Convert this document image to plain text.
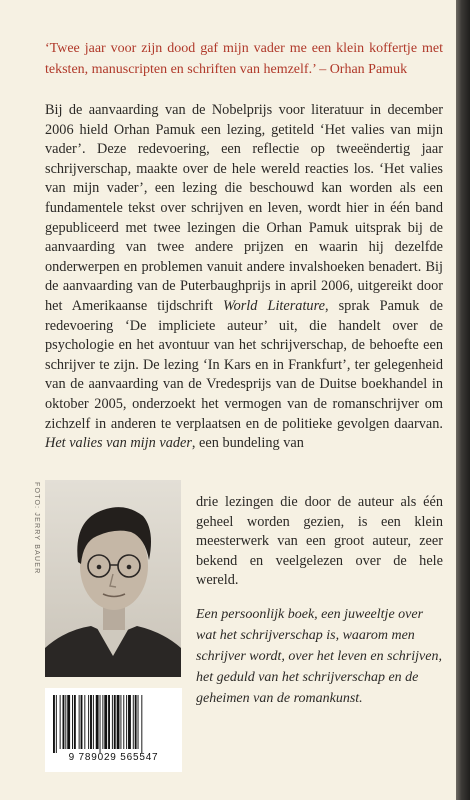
‘Twee jaar voor zijn dood gaf mijn vader me een klein koffertje met teksten, manuscripten en schriften van hemzelf.’ – Orhan Pamuk

Bij de aanvaarding van de Nobelprijs voor literatuur in december 2006 hield Orhan Pamuk een lezing, getiteld ‘Het valies van mijn vader’. Deze redevoering, een reflectie op tweeëndertig jaar schrijverschap, maakte over de hele wereld reacties los. ‘Het valies van mijn vader’, een lezing die beschouwd kan worden als een fundamentele tekst over schrijven en leven, wordt hier in één band gepubliceerd met twee lezingen die Orhan Pamuk uitsprak bij de aanvaarding van twee andere prijzen en waarin hij dezelfde onderwerpen en problemen vanuit andere invalshoeken benadert. Bij de aanvaarding van de Puterbaughprijs in april 2006, uitgereikt door het Amerikaanse tijdschrift World Literature, sprak Pamuk de redevoering ‘De impliciete auteur’ uit, die handelt over de psychologie en het avontuur van het schrijverschap, de behoefte een schrijver te zijn. De lezing ‘In Kars en in Frankfurt’, ter gelegenheid van de aanvaarding van de Vredesprijs van de Duitse boekhandel in oktober 2005, onderzoekt het vermogen van de romanschrijver om zichzelf in anderen te verplaatsen en de politieke gevolgen daarvan. Het valies van mijn vader, een bundeling van

FOTO: JERRY BAUER	drie lezingen die door de auteur als één geheel worden gezien, is een klein meesterwerk van een groot auteur, zeer bekend en veelgelezen over de hele wereld.

Een persoonlijk boek, een juweeltje over wat het schrijverschap is, waarom men schrijver wordt, over het leven en schrijven, het geduld van het schrijverschap en de geheimen van de romankunst.

9 789029 565547
